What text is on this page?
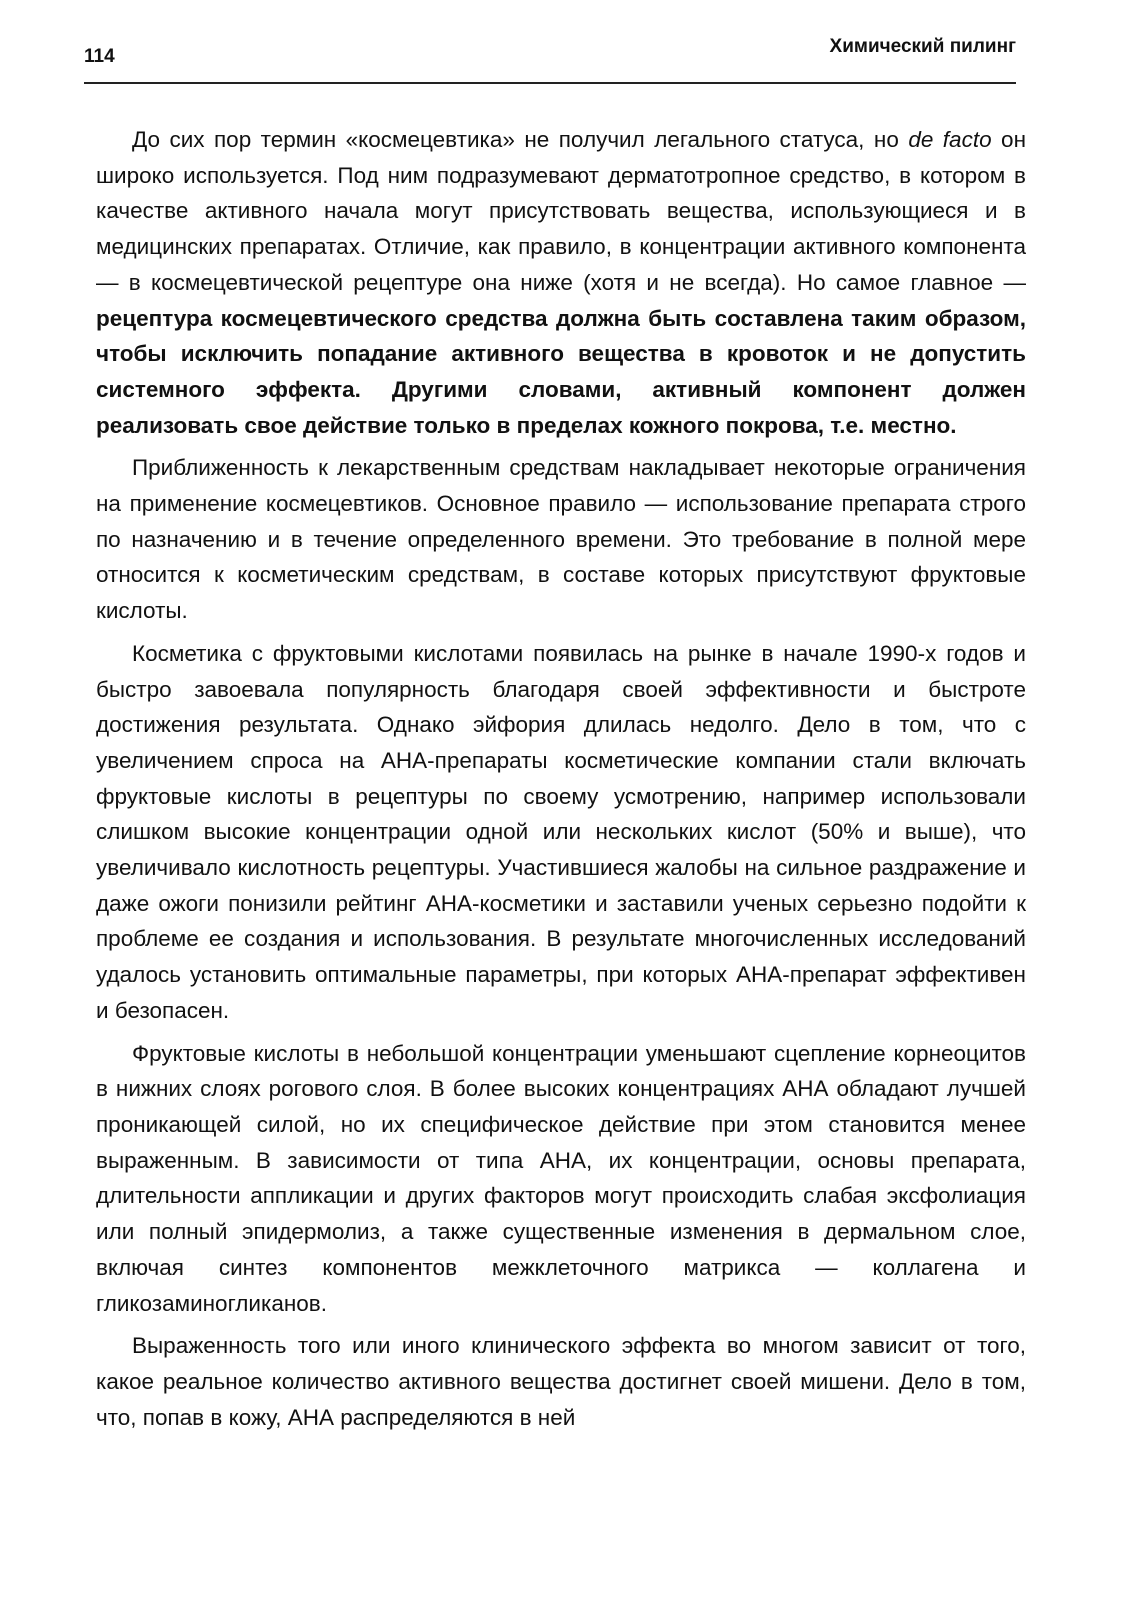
114	Химический пилинг

До сих пор термин «космецевтика» не получил легального статуса, но de facto он широко используется. Под ним подразумевают дерматотропное средство, в котором в качестве активного начала могут присутствовать вещества, использующиеся и в медицинских препаратах. Отличие, как правило, в концентрации активного компонента — в космецевтической рецептуре она ниже (хотя и не всегда). Но самое главное — рецептура космецевтического средства должна быть составлена таким образом, чтобы исключить попадание активного вещества в кровоток и не допустить системного эффекта. Другими словами, активный компонент должен реализовать свое действие только в пределах кожного покрова, т.е. местно.

Приближенность к лекарственным средствам накладывает некоторые ограничения на применение космецевтиков. Основное правило — использование препарата строго по назначению и в течение определенного времени. Это требование в полной мере относится к косметическим средствам, в составе которых присутствуют фруктовые кислоты.

Косметика с фруктовыми кислотами появилась на рынке в начале 1990-х годов и быстро завоевала популярность благодаря своей эффективности и быстроте достижения результата. Однако эйфория длилась недолго. Дело в том, что с увеличением спроса на АНА-препараты косметические компании стали включать фруктовые кислоты в рецептуры по своему усмотрению, например использовали слишком высокие концентрации одной или нескольких кислот (50% и выше), что увеличивало кислотность рецептуры. Участившиеся жалобы на сильное раздражение и даже ожоги понизили рейтинг АНА-косметики и заставили ученых серьезно подойти к проблеме ее создания и использования. В результате многочисленных исследований удалось установить оптимальные параметры, при которых АНА-препарат эффективен и безопасен.

Фруктовые кислоты в небольшой концентрации уменьшают сцепление корнеоцитов в нижних слоях рогового слоя. В более высоких концентрациях АНА обладают лучшей проникающей силой, но их специфическое действие при этом становится менее выраженным. В зависимости от типа АНА, их концентрации, основы препарата, длительности аппликации и других факторов могут происходить слабая эксфолиация или полный эпидермолиз, а также существенные изменения в дермальном слое, включая синтез компонентов межклеточного матрикса — коллагена и гликозаминогликанов.

Выраженность того или иного клинического эффекта во многом зависит от того, какое реальное количество активного вещества достигнет своей мишени. Дело в том, что, попав в кожу, АНА распределяются в ней
